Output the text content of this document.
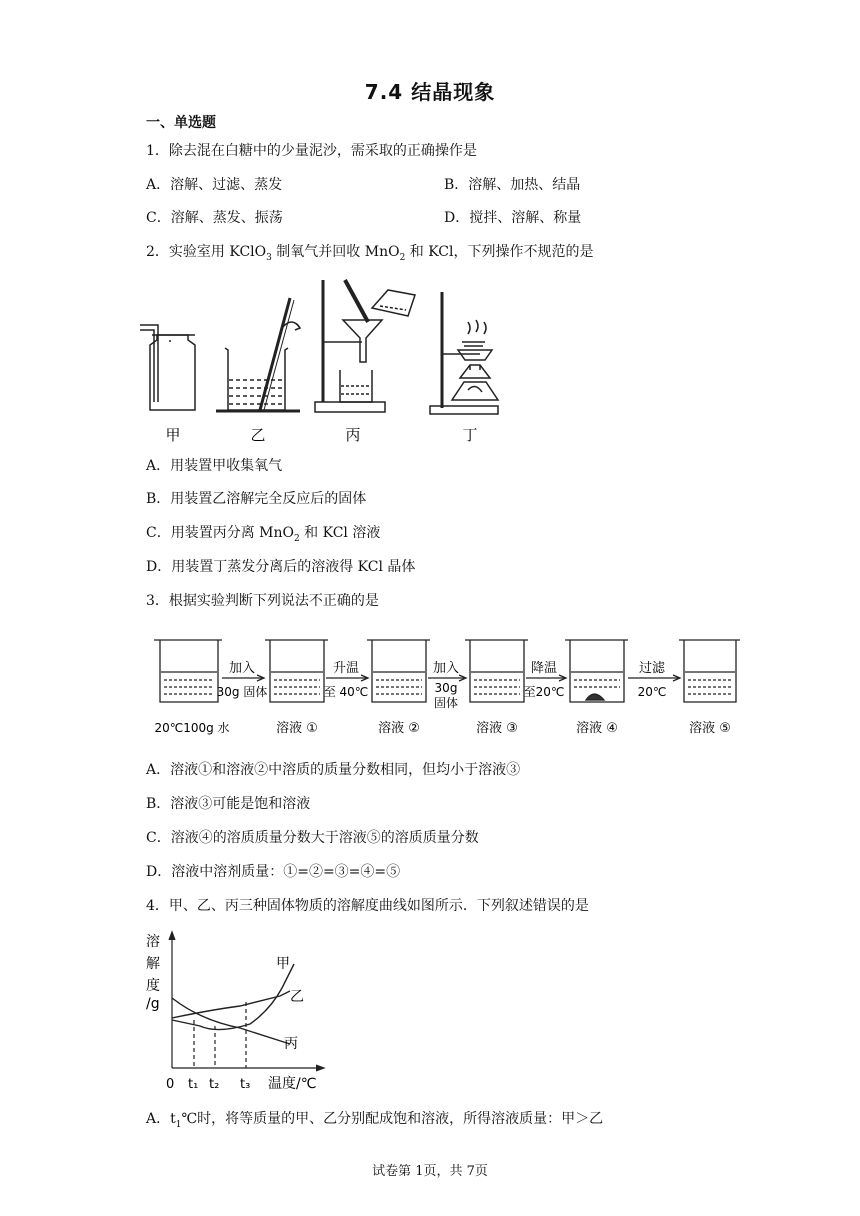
7.4 结晶现象
一、单选题
1．除去混在白糖中的少量泥沙，需采取的正确操作是
A．溶解、过滤、蒸发	B．溶解、加热、结晶
C．溶解、蒸发、振荡	D．搅拌、溶解、称量
2．实验室用 KClO$_3$ 制氧气并回收 MnO$_2$ 和 KCl，下列操作不规范的是
甲	乙	丙	丁
A．用装置甲收集氧气
B．用装置乙溶解完全反应后的固体
C．用装置丙分离 MnO$_2$ 和 KCl 溶液
D．用装置丁蒸发分离后的溶液得 KCl 晶体
3．根据实验判断下列说法不正确的是
加入
30g 固体
升温
至 40℃
加入
30g
固体
降温
至20℃
过滤
20℃
20℃100g 水	溶液 ①	溶液 ②	溶液 ③	溶液 ④	溶液 ⑤
A．溶液①和溶液②中溶质的质量分数相同，但均小于溶液③
B．溶液③可能是饱和溶液
C．溶液④的溶质质量分数大于溶液⑤的溶质质量分数
D．溶液中溶剂质量：①=②=③=④=⑤
4．甲、乙、丙三种固体物质的溶解度曲线如图所示．下列叙述错误的是
溶
解
度
/g
甲
乙
丙
0 t₁ t₂ t₃ 温度/℃
A．$t_1℃$时，将等质量的甲、乙分别配成饱和溶液，所得溶液质量：甲＞乙
试卷第 1页，共 7页
